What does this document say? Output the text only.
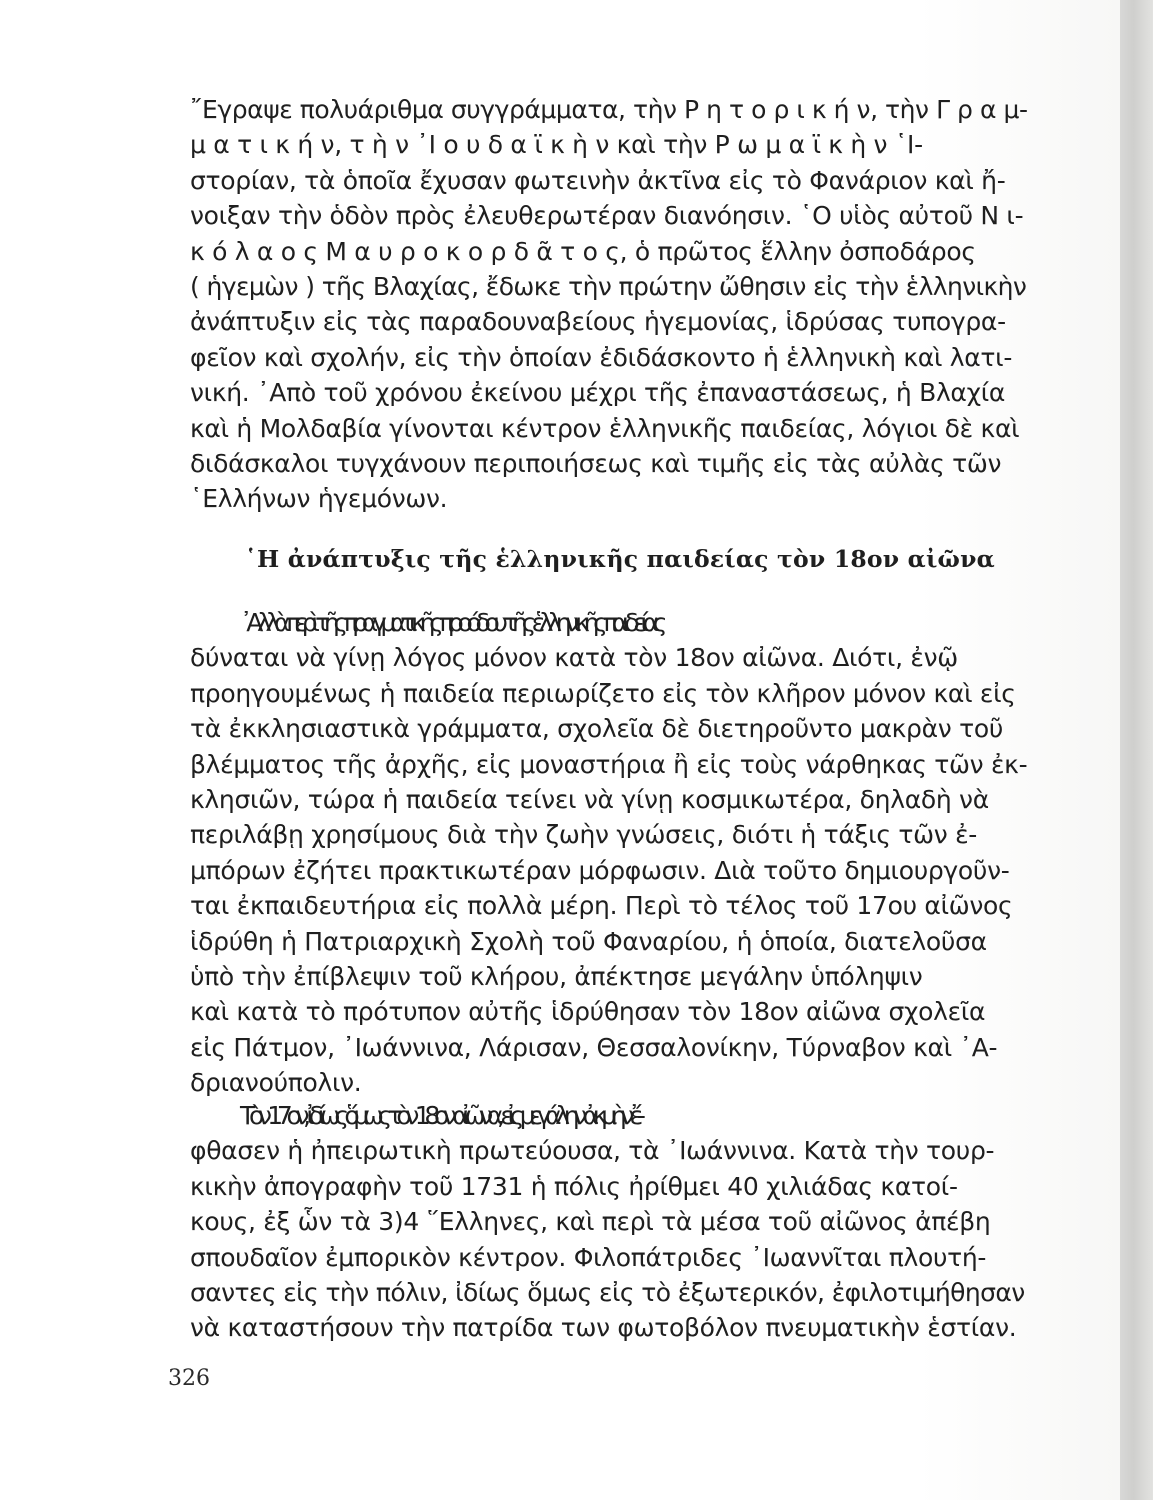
῎Εγραψε πολυάριθμα συγγράμματα, τὴν Ρ η τ ο ρ ι κ ή ν, τὴν Γ ρ α μ-
μ α τ ι κ ή ν, τ ὴ ν ᾿Ι ο υ δ α ϊ κ ὴ ν καὶ τὴν Ρ ω μ α ϊ κ ὴ ν ῾Ι-
στορίαν, τὰ ὁποῖα ἔχυσαν φωτεινὴν ἀκτῖνα εἰς τὸ Φανάριον καὶ ἤ-
νοιξαν τὴν ὁδὸν πρὸς ἐλευθερωτέραν διανόησιν. ῾Ο υἱὸς αὐτοῦ Ν ι-
κ ό λ α ο ς Μ α υ ρ ο κ ο ρ δ ᾶ τ ο ς, ὁ πρῶτος ἕλλην ὀσποδάρος
( ἡγεμὼν ) τῆς Βλαχίας, ἔδωκε τὴν πρώτην ὤθησιν εἰς τὴν ἑλληνικὴν
ἀνάπτυξιν εἰς τὰς παραδουναβείους ἡγεμονίας, ἱδρύσας τυπογρα-
φεῖον καὶ σχολήν, εἰς τὴν ὁποίαν ἐδιδάσκοντο ἡ ἑλληνικὴ καὶ λατι-
νική. ᾿Απὸ τοῦ χρόνου ἐκείνου μέχρι τῆς ἐπαναστάσεως, ἡ Βλαχία
καὶ ἡ Μολδαβία γίνονται κέντρον ἑλληνικῆς παιδείας, λόγιοι δὲ καὶ
διδάσκαλοι τυγχάνουν περιποιήσεως καὶ τιμῆς εἰς τὰς αὐλὰς τῶν
῾Ελλήνων ἡγεμόνων.

῾Η ἀνάπτυξις τῆς ἑλληνικῆς παιδείας τὸν 18ον αἰῶνα

᾿Αλλὰ περὶ τῆς πραγματικῆς προόδου τῆς ἑλληνικῆς παιδείας
δύναται νὰ γίνῃ λόγος μόνον κατὰ τὸν 18ον αἰῶνα. Διότι, ἐνῷ
προηγουμένως ἡ παιδεία περιωρίζετο εἰς τὸν κλῆρον μόνον καὶ εἰς
τὰ ἐκκλησιαστικὰ γράμματα, σχολεῖα δὲ διετηροῦντο μακρὰν τοῦ
βλέμματος τῆς ἀρχῆς, εἰς μοναστήρια ἢ εἰς τοὺς νάρθηκας τῶν ἐκ-
κλησιῶν, τώρα ἡ παιδεία τείνει νὰ γίνῃ κοσμικωτέρα, δηλαδὴ νὰ
περιλάβῃ χρησίμους διὰ τὴν ζωὴν γνώσεις, διότι ἡ τάξις τῶν ἐ-
μπόρων ἐζήτει πρακτικωτέραν μόρφωσιν. Διὰ τοῦτο δημιουργοῦν-
ται ἐκπαιδευτήρια εἰς πολλὰ μέρη. Περὶ τὸ τέλος τοῦ 17ου αἰῶνος
ἱδρύθη ἡ Πατριαρχικὴ Σχολὴ τοῦ Φαναρίου, ἡ ὁποία, διατελοῦσα
ὑπὸ τὴν ἐπίβλεψιν τοῦ κλήρου, ἀπέκτησε μεγάλην ὑπόληψιν
καὶ κατὰ τὸ πρότυπον αὐτῆς ἱδρύθησαν τὸν 18ον αἰῶνα σχολεῖα
εἰς Πάτμον, ᾿Ιωάννινα, Λάρισαν, Θεσσαλονίκην, Τύρναβον καὶ ᾿Α-
δριανούπολιν.

Τὸν 17ον, ἰδίως ὅμως τὸν 18ον αἰῶνα, εἰς μεγάλην ἀκμὴν ἔ-
φθασεν ἡ ἠπειρωτικὴ πρωτεύουσα, τὰ ᾿Ιωάννινα. Κατὰ τὴν τουρ-
κικὴν ἀπογραφὴν τοῦ 1731 ἡ πόλις ἠρίθμει 40 χιλιάδας κατοί-
κους, ἐξ ὧν τὰ 3)4 ῞Ελληνες, καὶ περὶ τὰ μέσα τοῦ αἰῶνος ἀπέβη
σπουδαῖον ἐμπορικὸν κέντρον. Φιλοπάτριδες ᾿Ιωαννῖται πλουτή-
σαντες εἰς τὴν πόλιν, ἰδίως ὅμως εἰς τὸ ἐξωτερικόν, ἐφιλοτιμήθησαν
νὰ καταστήσουν τὴν πατρίδα των φωτοβόλον πνευματικὴν ἑστίαν.

326
